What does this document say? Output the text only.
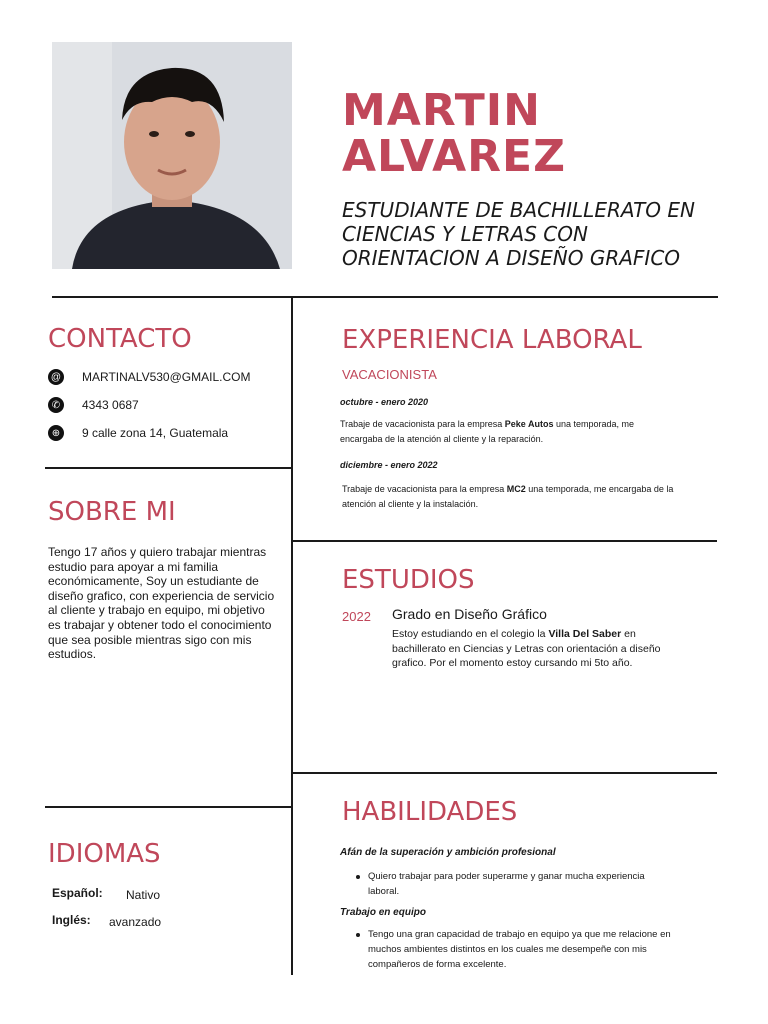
MARTIN
ALVAREZ
ESTUDIANTE DE BACHILLERATO EN CIENCIAS Y LETRAS CON ORIENTACION A DISEÑO GRAFICO
CONTACTO
@ MARTINALV530@GMAIL.COM
✆	4343 0687
⊕	9 calle zona 14, Guatemala
SOBRE MI
Tengo 17 años y quiero trabajar mientras estudio para apoyar a mi familia económicamente, Soy un estudiante de diseño grafico, con experiencia de servicio al cliente y trabajo en equipo, mi objetivo es trabajar y obtener todo el conocimiento que sea posible mientras sigo con mis estudios.
IDIOMAS
Español: Nativo
Inglés: avanzado
EXPERIENCIA LABORAL
VACACIONISTA
octubre - enero 2020
Trabaje de vacacionista para la empresa Peke Autos una temporada, me encargaba de la atención al cliente y la reparación.
diciembre - enero 2022
Trabaje de vacacionista para la empresa MC2 una temporada, me encargaba de la atención al cliente y la instalación.
ESTUDIOS
2022 Grado en Diseño Gráfico
Estoy estudiando en el colegio la Villa Del Saber en bachillerato en Ciencias y Letras con orientación a diseño grafico. Por el momento estoy cursando mi 5to año.
HABILIDADES
Afán de la superación y ambición profesional
Quiero trabajar para poder superarme y ganar mucha experiencia laboral.
Trabajo en equipo
Tengo una gran capacidad de trabajo en equipo ya que me relacione en muchos ambientes distintos en los cuales me desempeñe con mis compañeros de forma excelente.
